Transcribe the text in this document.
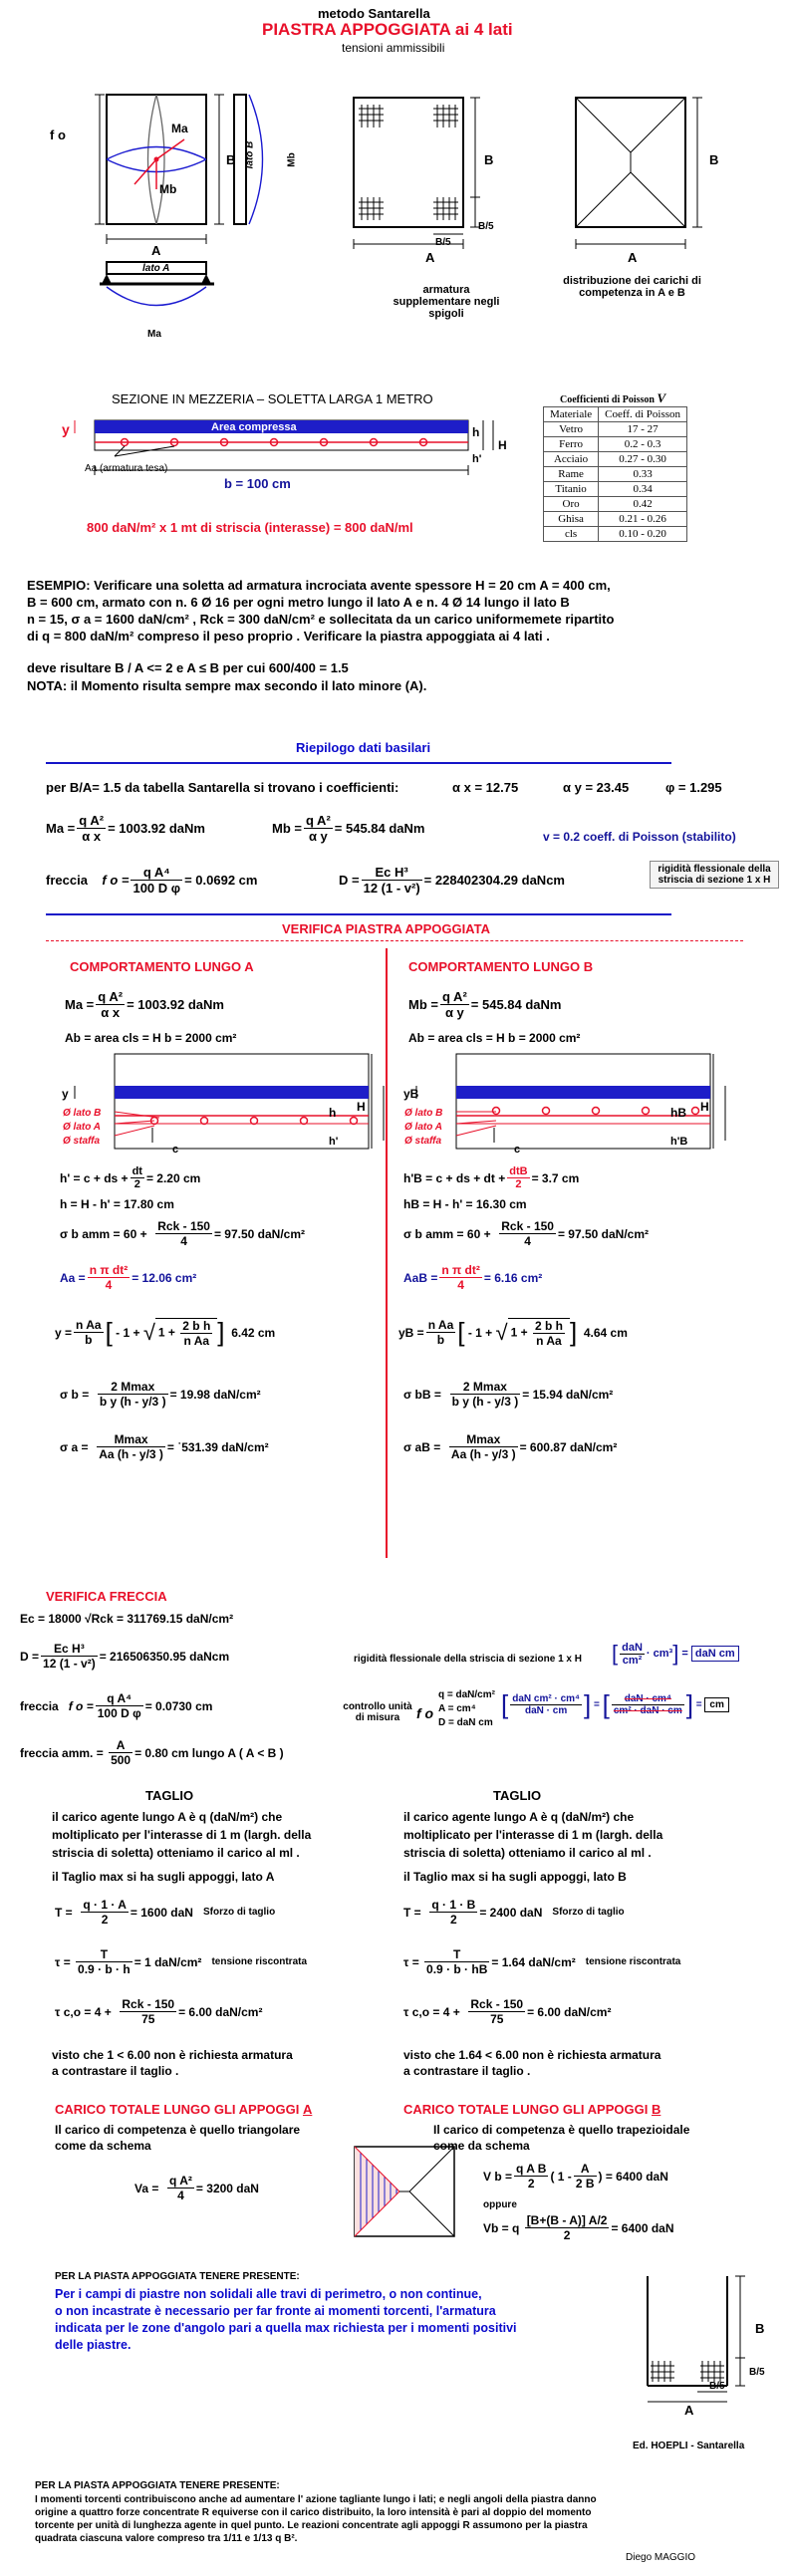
metodo Santarella
PIASTRA APPOGGIATA ai 4 lati
tensioni ammissibili
f o	Ma
Mb
A
B lato B	Mb
lato A
Ma
A
B
B/5
B/5
armatura supplementare negli spigoli
A
B
distribuzione dei carichi di competenza in A e B
SEZIONE IN MEZZERIA – SOLETTA LARGA 1 METRO
Area compressa
y	h
H
h'
Aa (armatura tesa)
b = 100 cm
800 daN/m² x 1 mt di striscia (interasse) = 800 daN/ml
Coefficienti di Poisson V
Materiale	Coeff. di Poisson
Vetro	17 - 27
Ferro	0.2 - 0.3
Acciaio	0.27 - 0.30
Rame	0.33
Titanio	0.34
Oro	0.42
Ghisa	0.21 - 0.26
cls	0.10 - 0.20
ESEMPIO: Verificare una soletta ad armatura incrociata avente spessore H = 20 cm A = 400 cm,
B = 600 cm, armato con n. 6 Ø 16 per ogni metro lungo il lato A e n. 4 Ø 14 lungo il lato B
n = 15, σ a = 1600 daN/cm² , Rck = 300 daN/cm² e sollecitata da un carico uniformemete ripartito
di q = 800 daN/m² compreso il peso proprio . Verificare la piastra appoggiata ai 4 lati .
deve risultare B / A <= 2 e A ≤ B per cui 600/400 = 1.5
NOTA: il Momento risulta sempre max secondo il lato minore (A).
Riepilogo dati basilari
per B/A= 1.5 da tabella Santarella si trovano i coefficienti:	α x = 12.75	α y = 23.45	φ = 1.295
$Ma = \frac{\text{q A²}}{\text{α x}} = 1003.92$ daNm	$Mb = \frac{\text{q A²}}{\text{α y}} = 545.84$ daNm
v = 0.2 coeff. di Poisson (stabilito)
freccia
f $o = \frac{\text{q A⁴}}{\text{100 D φ}} = 0.0692$ cm	$D = \frac{\text{Ec H³}}{\text{12 (1 - v²)}} = 228402304.29$ daNcm
rigidità flessionale della striscia di sezione 1 x H
VERIFICA PIASTRA APPOGGIATA
COMPORTAMENTO LUNGO A
$Ma = \frac{\text{q A²}}{\text{α x}} = 1003.92$ daNm
Ab = area cls = H b = 2000 cm²
y
h H
h'
c
Ø lato B
Ø lato A
Ø staffa
h' = c + ds + $\frac{dt}{2} = 2.20$ cm
h = H - h' = 17.80 cm
σ b amm = 60 +
$\frac{\text{Rck - 150}}{4} = 97.50$ daN/cm²
$Aa = \frac{\text{n π dt²}}{4} = 12.06$ cm²
$y = \frac{\text{n Aa}}{b}$ [ - 1 + √ $1 + \frac{\text{2 b h}}{\text{n Aa}}$ ]
6.42 cm
σ b =
$\frac{2 Mmax}{\text{b y (h - y/3 )}} = 19.98$ daN/cm²
σ a =
$\frac{Mmax}{Aa (h - y/3 )}$ = ˙531.39 daN/cm²
COMPORTAMENTO LUNGO B
$Mb = \frac{\text{q A²}}{\text{α y}} = 545.84$ daNm
Ab = area cls = H b = 2000 cm²
yB
hB H
h'B
c
Ø lato B
Ø lato A
Ø staffa
h'B = c + ds + dt + $\frac{\text{dtB}}{2} = 3.7$ cm
hB = H - h' = 16.30 cm
σ b amm = 60 +
$\frac{\text{Rck - 150}}{4} = 97.50$ daN/cm²
AaB = $\frac{\text{n π dt²}}{4} = 6.16$ cm²
yB = $\frac{\text{n Aa}}{b}$ [ - 1 + √ $1 + \frac{\text{2 b h}}{\text{n Aa}}$ ]
4.64 cm
σ bB =
$\frac{2 Mmax}{\text{b y (h - y/3 )}} = 15.94$ daN/cm²
σ aB =
$\frac{Mmax}{Aa (h - y/3 )} = 600.87$ daN/cm²
VERIFICA FRECCIA
Ec = 18000 √Rck = 311769.15 daN/cm²
$D = \frac{\text{Ec H³}}{\text{12 (1 - v²)}} = 216506350.95$ daNcm	rigidità flessionale della striscia di sezione 1 x H [ $\frac{\text{daN}}{\text{cm²}} \cdot cm^3$ ] = daN cm
freccia
f $o = \frac{\text{q A⁴}}{\text{100 D φ}} = 0.0730$ cm	controllo unità di misura	f o
q = daN/cm²
A = cm⁴
D = daN cm
[ $\frac{\text{daN cm² · cm⁴}}{\text{daN · cm}}$ ] = [ $\frac{\text{daN · cm⁴}}{\text{cm² · daN · cm}}$ ] = cm
freccia amm. =
$\frac{A}{500} = 0.80$ cm lungo A ( A < B )
TAGLIO
il carico agente lungo A è q (daN/m²) che
moltiplicato per l'interasse di 1 m (largh. della
striscia di soletta) otteniamo il carico al ml .
il Taglio max si ha sugli appoggi, lato A
T =
$\frac{q \cdot 1 \cdot A}{2} = 1600$ daN
Sforzo di taglio
τ =
$\frac{T}{0.9 \cdot b \cdot h} = 1$ daN/cm²
tensione riscontrata
τ c,o = 4 +
$\frac{\text{Rck - 150}}{75} = 6.00$ daN/cm²
visto che 1 < 6.00 non è richiesta armatura
a contrastare il taglio .
TAGLIO
il carico agente lungo A è q (daN/m²) che
moltiplicato per l'interasse di 1 m (largh. della
striscia di soletta) otteniamo il carico al ml .
il Taglio max si ha sugli appoggi, lato B
T =
$\frac{q \cdot 1 \cdot B}{2} = 2400$ daN
Sforzo di taglio
τ =
$\frac{T}{0.9 \cdot b \cdot hB} = 1.64$ daN/cm²
tensione riscontrata
τ c,o = 4 +
$\frac{\text{Rck - 150}}{75} = 6.00$ daN/cm²
visto che 1.64 < 6.00 non è richiesta armatura
a contrastare il taglio .
CARICO TOTALE LUNGO GLI APPOGGI A
Il carico di competenza è quello triangolare
come da schema
Va =
$\frac{\text{q A²}}{4} = 3200$ daN
CARICO TOTALE LUNGO GLI APPOGGI B
Il carico di competenza è quello trapezioidale
come da schema
V $b = \frac{\text{q A B}}{2}$ ( $1 - \frac{A}{2 B}$ ) = 6400 daN
oppure
Vb = q
$\frac{[B+(B - A)] A/2}{2} = 6400$ daN
PER LA PIASTA APPOGGIATA TENERE PRESENTE:
Per i campi di piastre non solidali alle travi di perimetro, o non continue,
o non incastrate è necessario per far fronte ai momenti torcenti, l'armatura
indicata per le zone d'angolo pari a quella max richiesta per i momenti positivi
delle piastre.
A
B
B/5
B/5
Ed. HOEPLI - Santarella
PER LA PIASTA APPOGGIATA TENERE PRESENTE:
I momenti torcenti contribuiscono anche ad aumentare l' azione tagliante lungo i lati; e negli angoli della piastra danno
origine a quattro forze concentrate R equiverse con il carico distribuito, la loro intensità è pari al doppio del momento
torcente per unità di lunghezza agente in quel punto. Le reazioni concentrate agli appoggi R assumono per la piastra
quadrata ciascuna valore compreso tra 1/11 e 1/13 q B².
Diego MAGGIO
